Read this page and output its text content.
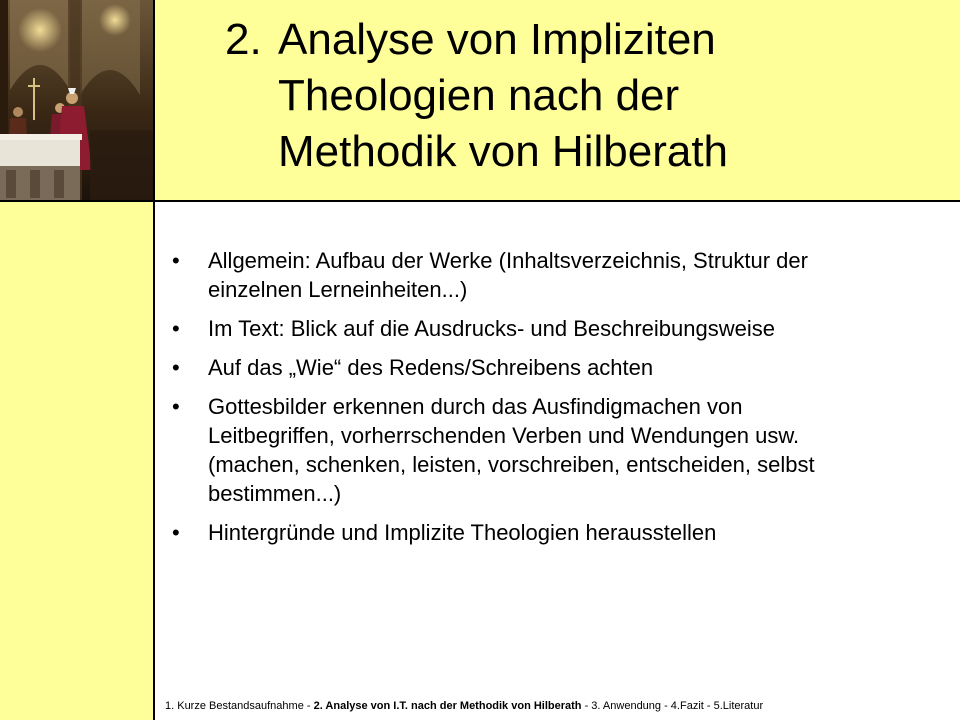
2. Analyse von Impliziten
Theologien nach der
Methodik von Hilberath
• Allgemein: Aufbau der Werke (Inhaltsverzeichnis, Struktur der
einzelnen Lerneinheiten...)
• Im Text: Blick auf die Ausdrucks- und Beschreibungsweise
• Auf das „Wie“ des Redens/Schreibens achten
• Gottesbilder erkennen durch das Ausfindigmachen von
Leitbegriffen, vorherrschenden Verben und Wendungen usw.
(machen, schenken, leisten, vorschreiben, entscheiden, selbst
bestimmen...)
• Hintergründe und Implizite Theologien herausstellen
1. Kurze Bestandsaufnahme - 2. Analyse von I.T. nach der Methodik von Hilberath - 3. Anwendung - 4.Fazit - 5.Literatur
